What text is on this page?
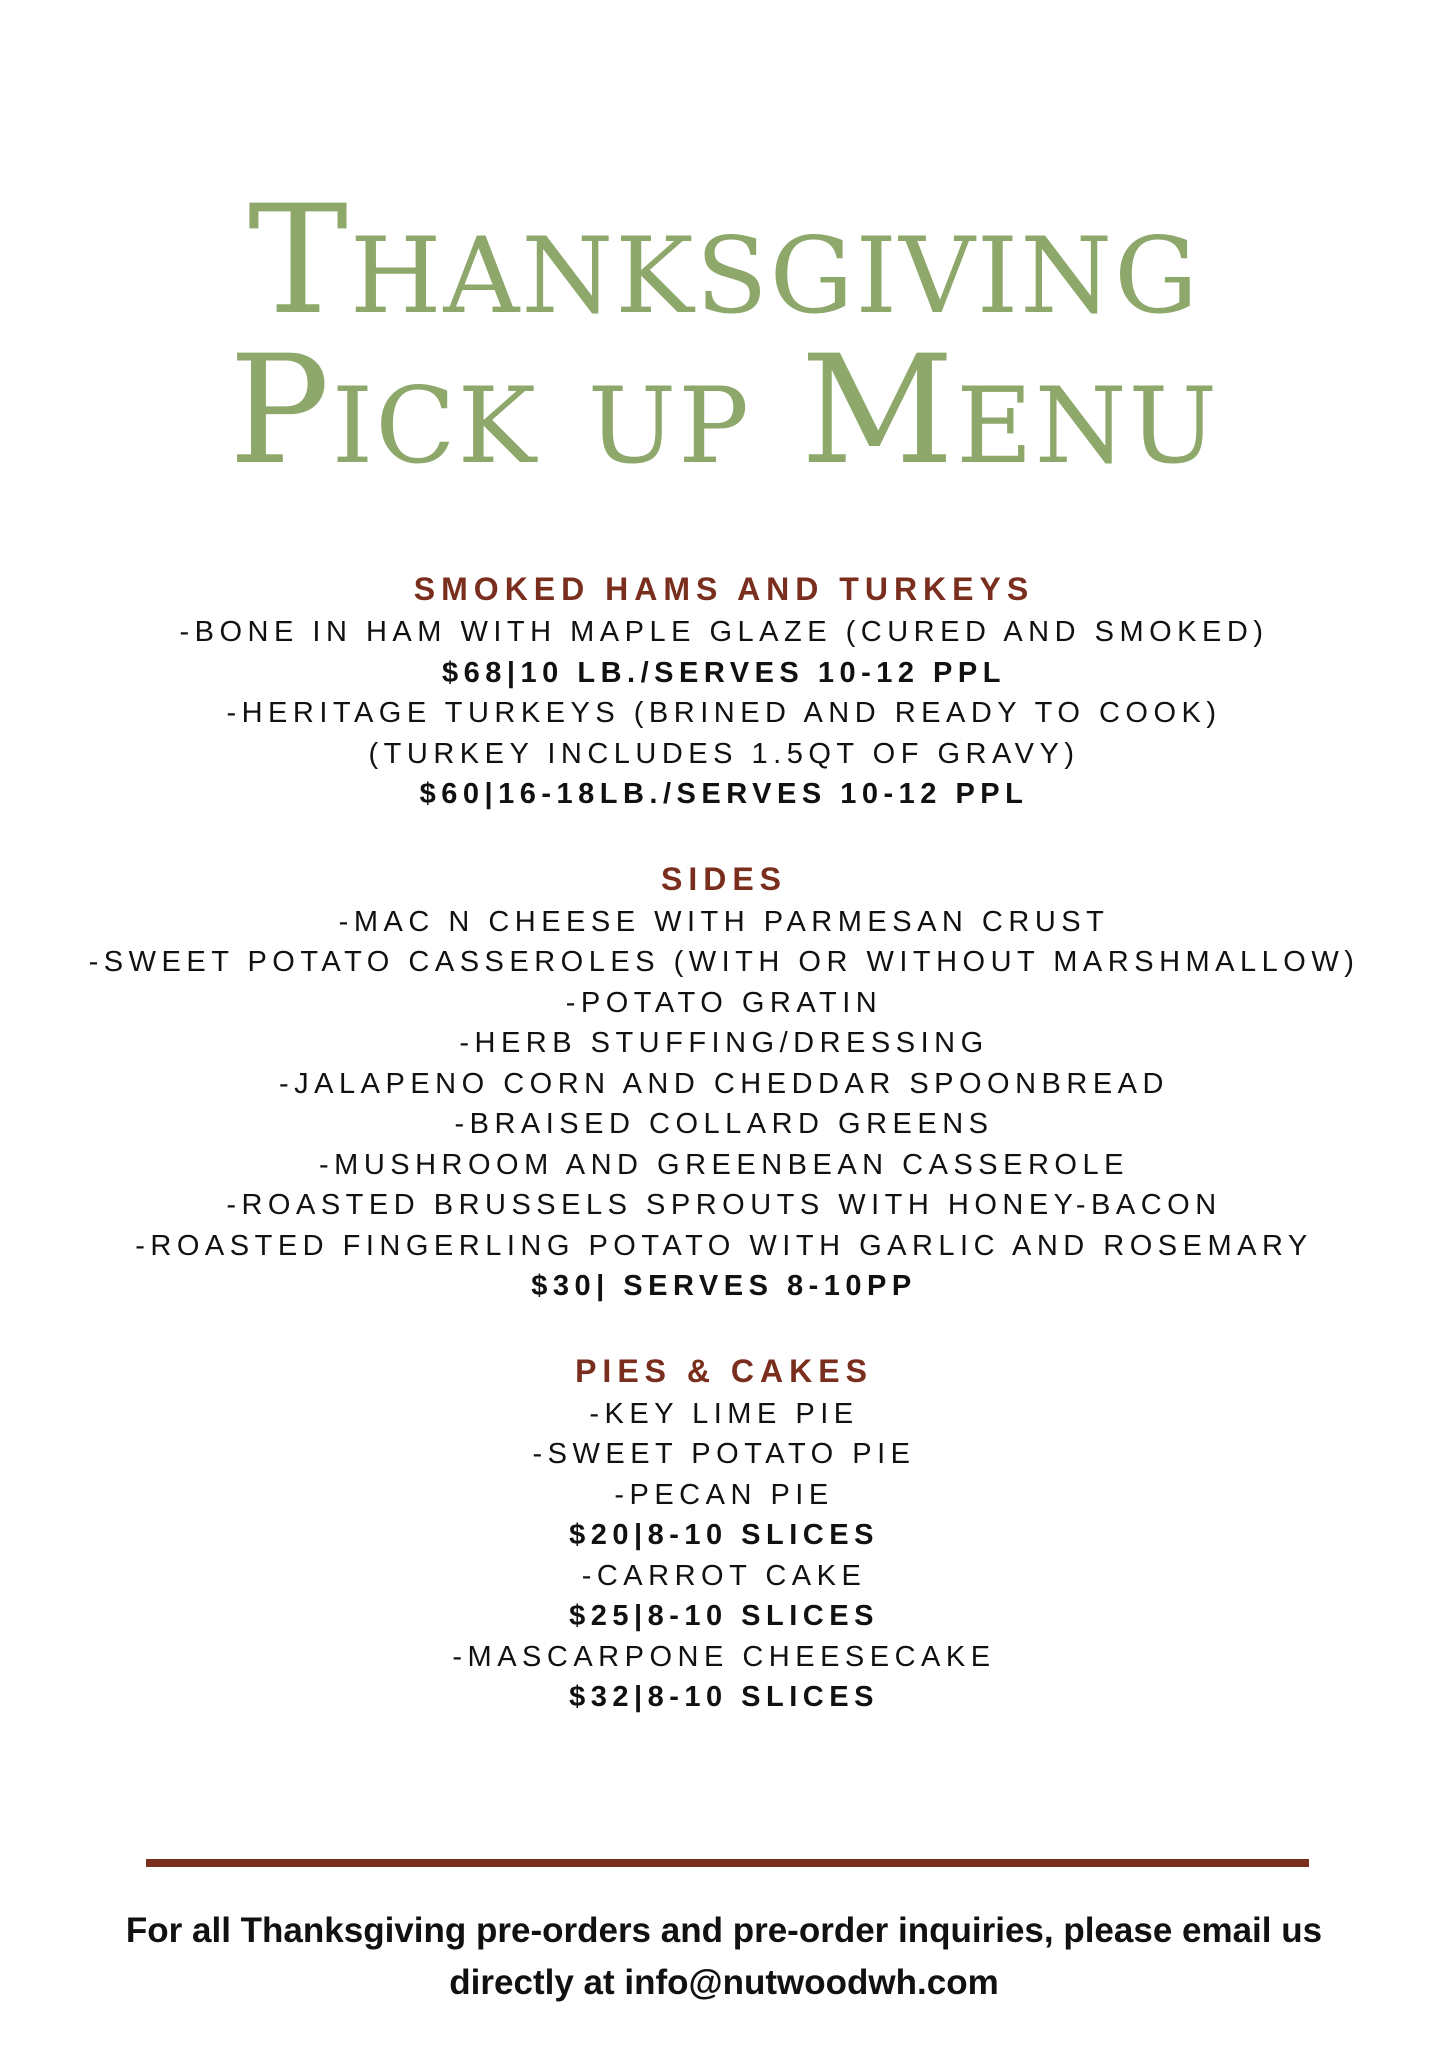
Thanksgiving
Pick up Menu
SMOKED HAMS AND TURKEYS
-BONE IN HAM WITH MAPLE GLAZE (CURED AND SMOKED)
$68|10 LB./SERVES 10-12 PPL
-HERITAGE TURKEYS (BRINED AND READY TO COOK)
(TURKEY INCLUDES 1.5QT OF GRAVY)
$60|16-18LB./SERVES 10-12 PPL
SIDES
-MAC N CHEESE WITH PARMESAN CRUST
-SWEET POTATO CASSEROLES (WITH OR WITHOUT MARSHMALLOW)
-POTATO GRATIN
-HERB STUFFING/DRESSING
-JALAPENO CORN AND CHEDDAR SPOONBREAD
-BRAISED COLLARD GREENS
-MUSHROOM AND GREENBEAN CASSEROLE
-ROASTED BRUSSELS SPROUTS WITH HONEY-BACON
-ROASTED FINGERLING POTATO WITH GARLIC AND ROSEMARY
$30| SERVES 8-10PP
PIES & CAKES
-KEY LIME PIE
-SWEET POTATO PIE
-PECAN PIE
$20|8-10 SLICES
-CARROT CAKE
$25|8-10 SLICES
-MASCARPONE CHEESECAKE
$32|8-10 SLICES
For all Thanksgiving pre-orders and pre-order inquiries, please email us
directly at info@nutwoodwh.com
